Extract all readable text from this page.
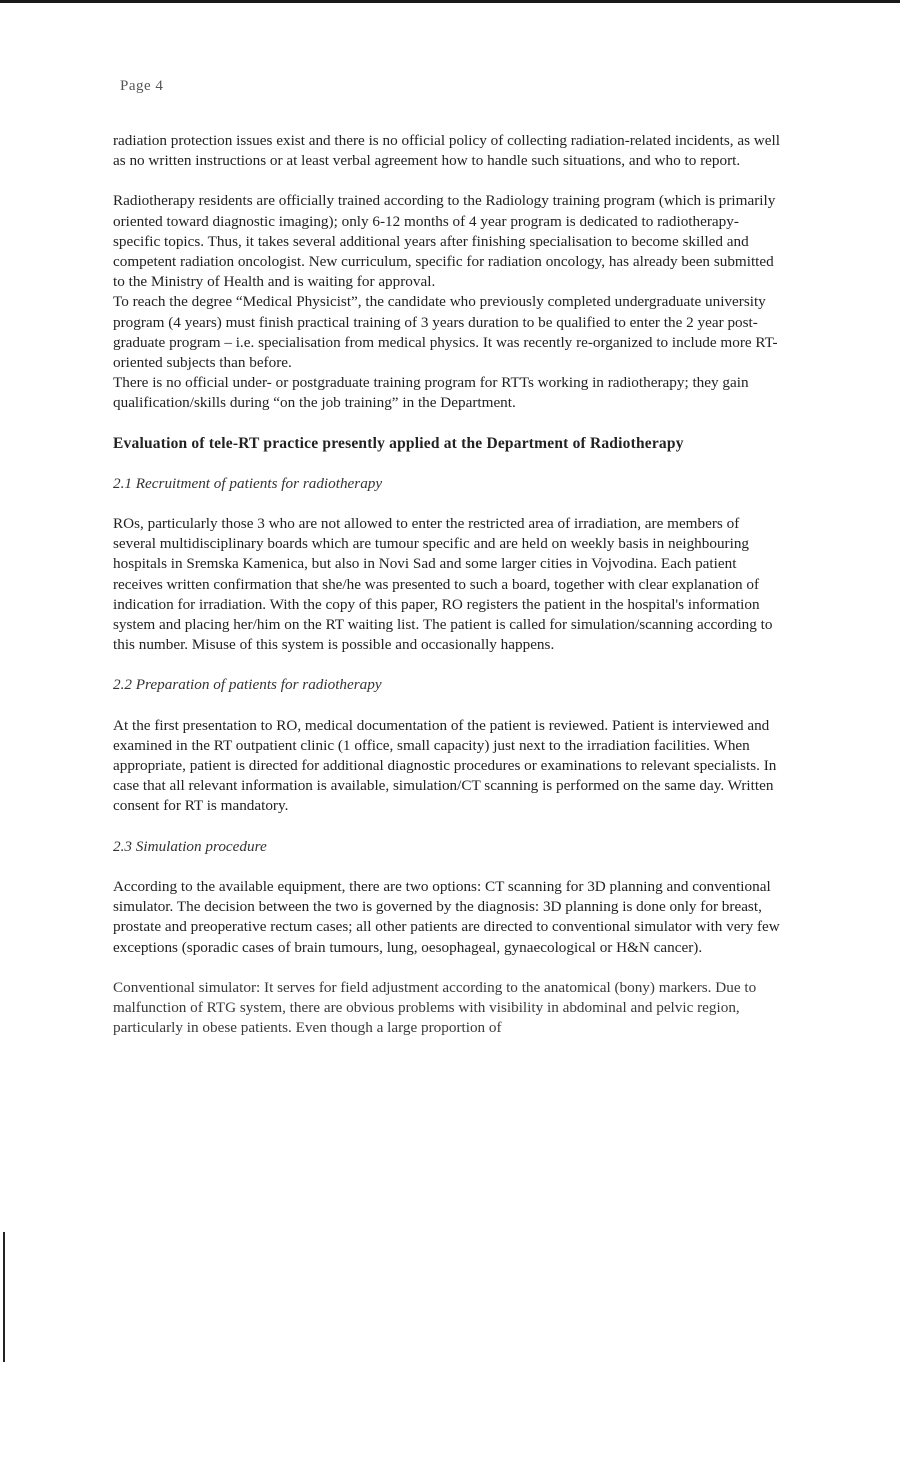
Page 4

radiation protection issues exist and there is no official policy of collecting radiation-related incidents, as well as no written instructions or at least verbal agreement how to handle such situations, and who to report.

Radiotherapy residents are officially trained according to the Radiology training program (which is primarily oriented toward diagnostic imaging); only 6-12 months of 4 year program is dedicated to radiotherapy-specific topics. Thus, it takes several additional years after finishing specialisation to become skilled and competent radiation oncologist. New curriculum, specific for radiation oncology, has already been submitted to the Ministry of Health and is waiting for approval.

To reach the degree “Medical Physicist”, the candidate who previously completed undergraduate university program (4 years) must finish practical training of 3 years duration to be qualified to enter the 2 year post-graduate program – i.e. specialisation from medical physics. It was recently re-organized to include more RT-oriented subjects than before.

There is no official under- or postgraduate training program for RTTs working in radiotherapy; they gain qualification/skills during “on the job training” in the Department.

Evaluation of tele-RT practice presently applied at the Department of Radiotherapy

2.1 Recruitment of patients for radiotherapy

ROs, particularly those 3 who are not allowed to enter the restricted area of irradiation, are members of several multidisciplinary boards which are tumour specific and are held on weekly basis in neighbouring hospitals in Sremska Kamenica, but also in Novi Sad and some larger cities in Vojvodina. Each patient receives written confirmation that she/he was presented to such a board, together with clear explanation of indication for irradiation. With the copy of this paper, RO registers the patient in the hospital's information system and placing her/him on the RT waiting list. The patient is called for simulation/scanning according to this number. Misuse of this system is possible and occasionally happens.

2.2 Preparation of patients for radiotherapy

At the first presentation to RO, medical documentation of the patient is reviewed. Patient is interviewed and examined in the RT outpatient clinic (1 office, small capacity) just next to the irradiation facilities. When appropriate, patient is directed for additional diagnostic procedures or examinations to relevant specialists. In case that all relevant information is available, simulation/CT scanning is performed on the same day. Written consent for RT is mandatory.

2.3 Simulation procedure

According to the available equipment, there are two options: CT scanning for 3D planning and conventional simulator. The decision between the two is governed by the diagnosis: 3D planning is done only for breast, prostate and preoperative rectum cases; all other patients are directed to conventional simulator with very few exceptions (sporadic cases of brain tumours, lung, oesophageal, gynaecological or H&N cancer).

Conventional simulator: It serves for field adjustment according to the anatomical (bony) markers. Due to malfunction of RTG system, there are obvious problems with visibility in abdominal and pelvic region, particularly in obese patients. Even though a large proportion of
